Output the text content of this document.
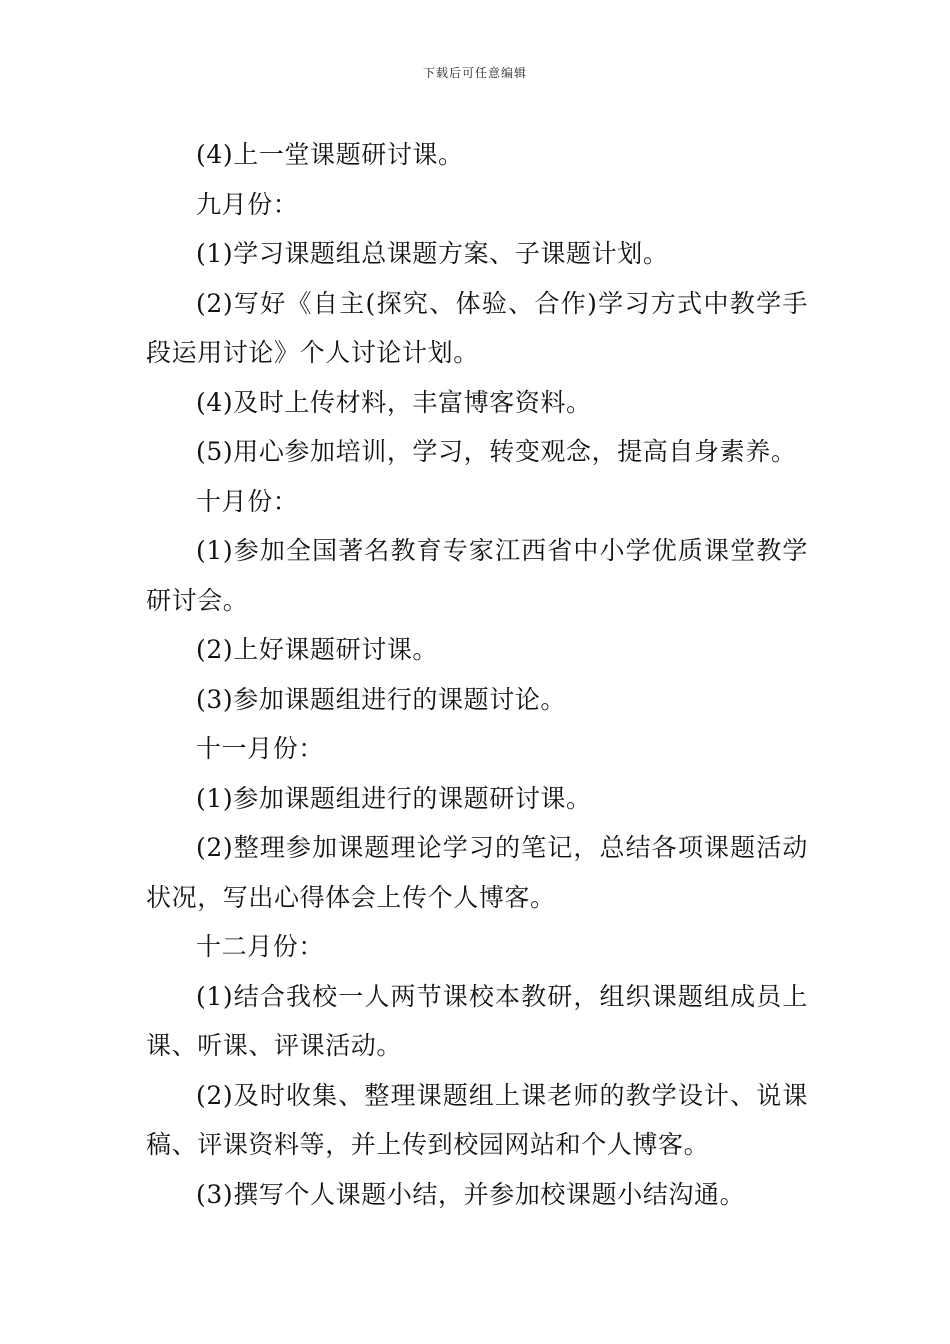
下载后可任意编辑

(4)上一堂课题研讨课。

九月份：

(1)学习课题组总课题方案、子课题计划。

(2)写好《自主(探究、体验、合作)学习方式中教学手段运用讨论》个人讨论计划。

(4)及时上传材料，丰富博客资料。

(5)用心参加培训，学习，转变观念，提高自身素养。

十月份：

(1)参加全国著名教育专家江西省中小学优质课堂教学研讨会。

(2)上好课题研讨课。

(3)参加课题组进行的课题讨论。

十一月份：

(1)参加课题组进行的课题研讨课。

(2)整理参加课题理论学习的笔记，总结各项课题活动状况，写出心得体会上传个人博客。

十二月份：

(1)结合我校一人两节课校本教研，组织课题组成员上课、听课、评课活动。

(2)及时收集、整理课题组上课老师的教学设计、说课稿、评课资料等，并上传到校园网站和个人博客。

(3)撰写个人课题小结，并参加校课题小结沟通。
